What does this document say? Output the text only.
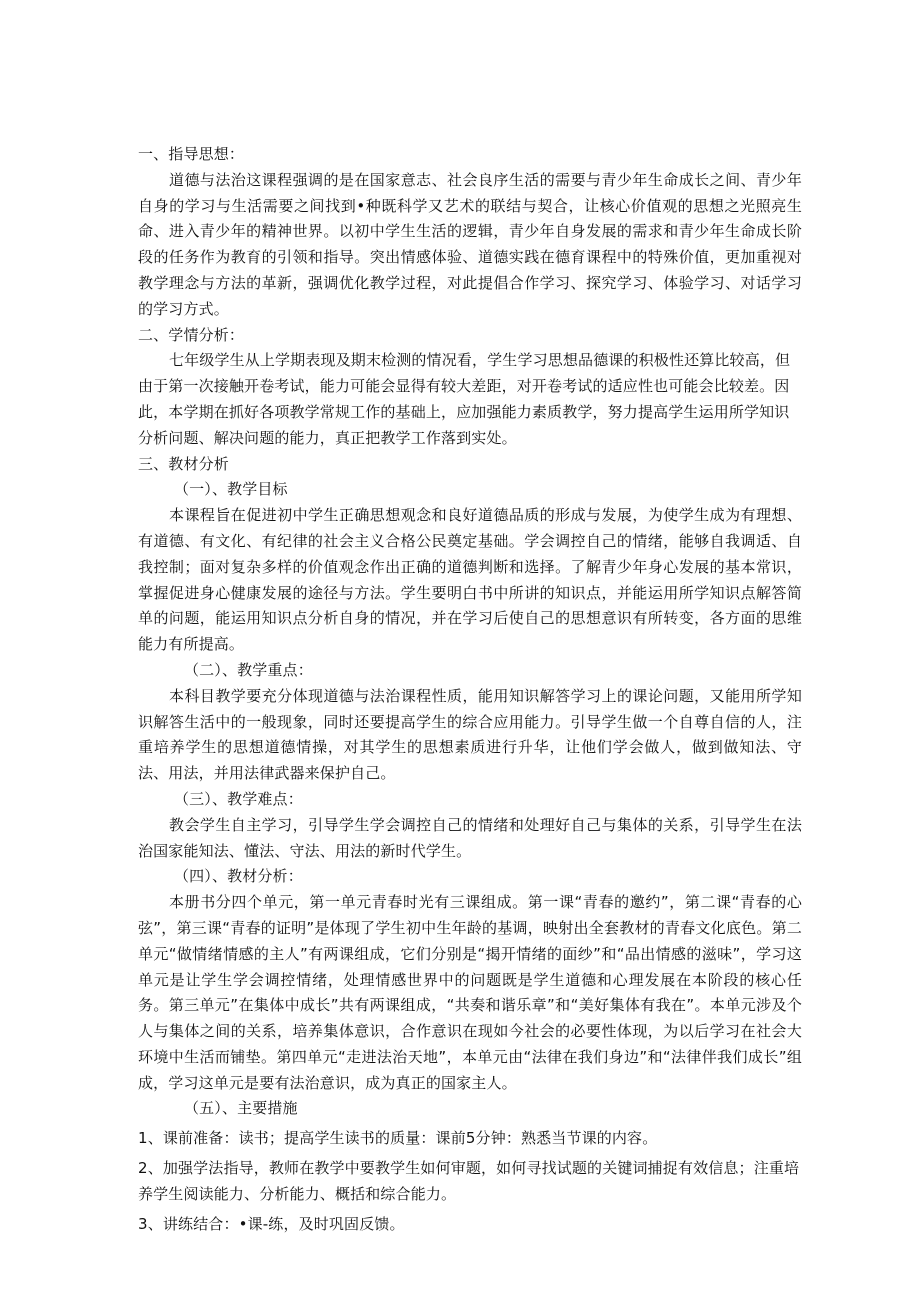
一、指导思想：

道德与法治这课程强调的是在国家意志、社会良序生活的需要与青少年生命成长之间、青少年自身的学习与生活需要之间找到•种既科学又艺术的联结与契合，让核心价值观的思想之光照亮生命、进入青少年的精神世界。以初中学生生活的逻辑，青少年自身发展的需求和青少年生命成长阶段的任务作为教育的引领和指导。突出情感体验、道德实践在德育课程中的特殊价值，更加重视对教学理念与方法的革新，强调优化教学过程，对此提倡合作学习、探究学习、体验学习、对话学习的学习方式。

二、学情分析：

七年级学生从上学期表现及期末检测的情况看，学生学习思想品德课的积极性还算比较高，但由于第一次接触开卷考试，能力可能会显得有较大差距，对开卷考试的适应性也可能会比较差。因此，本学期在抓好各项教学常规工作的基础上，应加强能力素质教学，努力提高学生运用所学知识分析问题、解决问题的能力，真正把教学工作落到实处。

三、教材分析

（一）、教学目标

本课程旨在促进初中学生正确思想观念和良好道德品质的形成与发展，为使学生成为有理想、有道德、有文化、有纪律的社会主义合格公民奠定基础。学会调控自己的情绪，能够自我调适、自我控制；面对复杂多样的价值观念作出正确的道德判断和选择。了解青少年身心发展的基本常识，掌握促进身心健康发展的途径与方法。学生要明白书中所讲的知识点，并能运用所学知识点解答简单的问题，能运用知识点分析自身的情况，并在学习后使自己的思想意识有所转变，各方面的思维能力有所提高。

（二）、教学重点：

本科目教学要充分体现道德与法治课程性质，能用知识解答学习上的课论问题，又能用所学知识解答生活中的一般现象，同时还要提高学生的综合应用能力。引导学生做一个自尊自信的人，注重培养学生的思想道德情操，对其学生的思想素质进行升华，让他们学会做人，做到做知法、守法、用法，并用法律武器来保护自己。

（三）、教学难点：

教会学生自主学习，引导学生学会调控自己的情绪和处理好自己与集体的关系，引导学生在法治国家能知法、懂法、守法、用法的新时代学生。

（四）、教材分析：

本册书分四个单元，第一单元青春时光有三课组成。第一课“青春的邀约”，第二课“青春的心弦”，第三课“青春的证明”是体现了学生初中生年龄的基调，映射出全套教材的青春文化底色。第二单元“做情绪情感的主人”有两课组成，它们分别是“揭开情绪的面纱”和“品出情感的滋味”，学习这单元是让学生学会调控情绪，处理情感世界中的问题既是学生道德和心理发展在本阶段的核心任务。第三单元”在集体中成长”共有两课组成，“共奏和谐乐章”和“美好集体有我在”。本单元涉及个人与集体之间的关系，培养集体意识，合作意识在现如今社会的必要性体现，为以后学习在社会大环境中生活而铺垫。第四单元“走进法治天地”，本单元由“法律在我们身边”和“法律伴我们成长”组成，学习这单元是要有法治意识，成为真正的国家主人。

（五）、主要措施

1、课前准备：读书；提高学生读书的质量：课前5分钟：熟悉当节课的内容。

2、加强学法指导，教师在教学中要教学生如何审题，如何寻找试题的关键词捕捉有效信息；注重培养学生阅读能力、分析能力、概括和综合能力。

3、讲练结合：•课-练，及时巩固反馈。
